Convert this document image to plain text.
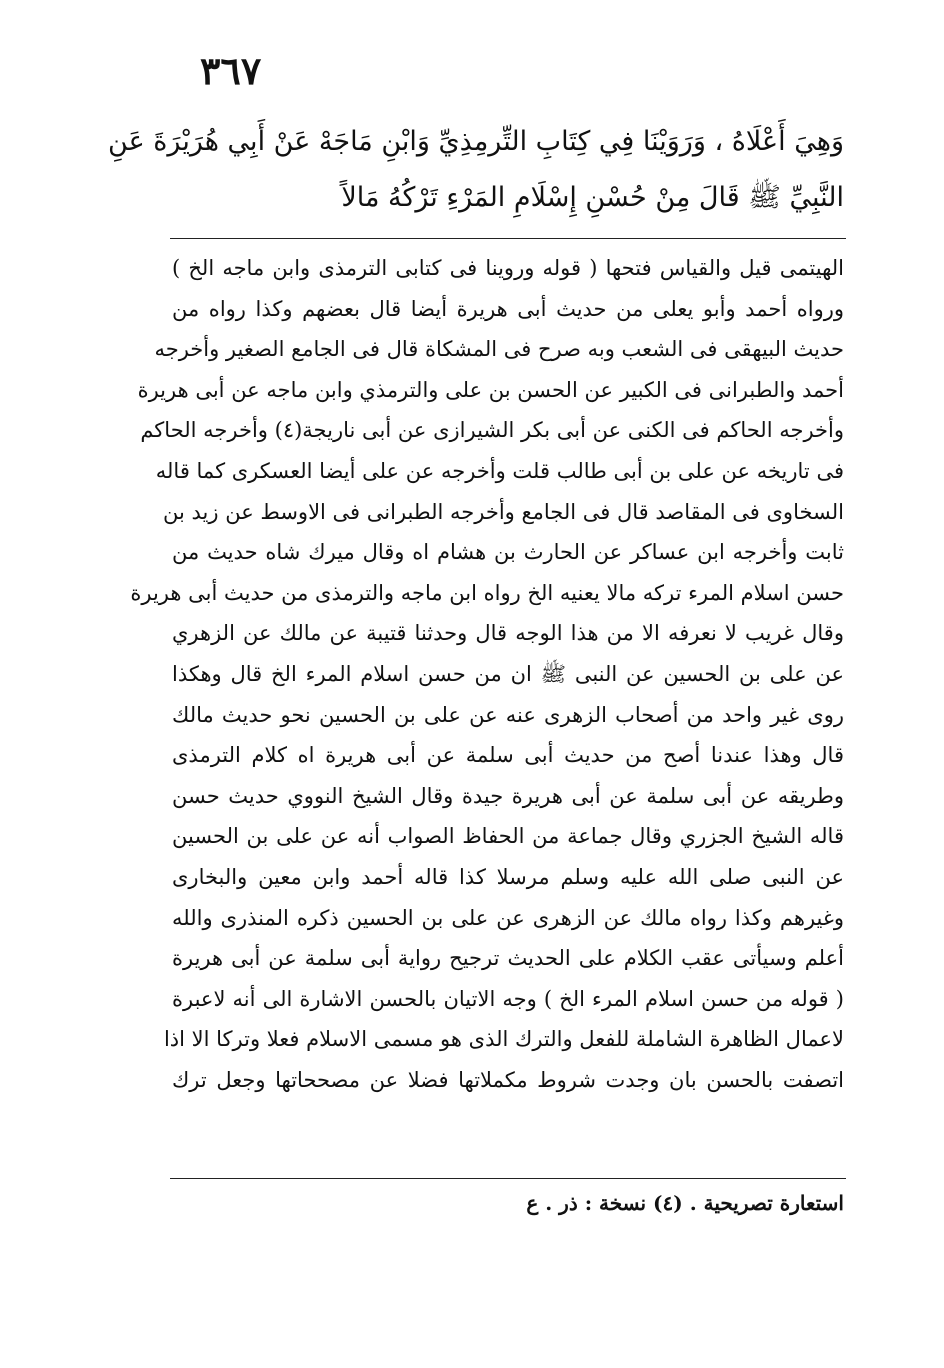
٣٦٧
وَهِيَ أَعْلَاهُ ، وَرَوَيْنَا فِي كِتَابِ التِّرمِذِيِّ وَابْنِ مَاجَهْ عَنْ أَبِي هُرَيْرَةَ عَنِ
النَّبِيِّ ﷺ قَالَ مِنْ حُسْنِ إِسْلَامِ المَرْءِ تَرْكُهُ مَالاً
الهيتمى قيل والقياس فتحها ( قوله وروينا فى كتابى الترمذى وابن ماجه الخ )
ورواه أحمد وأبو يعلى من حديث أبى هريرة أيضا قال بعضهم وكذا رواه من
حديث البيهقى فى الشعب وبه صرح فى المشكاة قال فى الجامع الصغير وأخرجه
أحمد والطبرانى فى الكبير عن الحسن بن على والترمذي وابن ماجه عن أبى هريرة
وأخرجه الحاكم فى الكنى عن أبى بكر الشيرازى عن أبى ناريجة(٤) وأخرجه الحاكم
فى تاريخه عن على بن أبى طالب قلت وأخرجه عن على أيضا العسكرى كما قاله
السخاوى فى المقاصد قال فى الجامع وأخرجه الطبرانى فى الاوسط عن زيد بن
ثابت وأخرجه ابن عساكر عن الحارث بن هشام اه وقال ميرك شاه حديث من
حسن اسلام المرء تركه مالا يعنيه الخ رواه ابن ماجه والترمذى من حديث أبى هريرة
وقال غريب لا نعرفه الا من هذا الوجه قال وحدثنا قتيبة عن مالك عن الزهري
عن على بن الحسين عن النبى ﷺ ان من حسن اسلام المرء الخ قال وهكذا
روى غير واحد من أصحاب الزهرى عنه عن على بن الحسين نحو حديث مالك
قال وهذا عندنا أصح من حديث أبى سلمة عن أبى هريرة اه كلام الترمذى
وطريقه عن أبى سلمة عن أبى هريرة جيدة وقال الشيخ النووي حديث حسن
قاله الشيخ الجزري وقال جماعة من الحفاظ الصواب أنه عن على بن الحسين
عن النبى صلى الله عليه وسلم مرسلا كذا قاله أحمد وابن معين والبخارى
وغيرهم وكذا رواه مالك عن الزهرى عن على بن الحسين ذكره المنذرى والله
أعلم وسيأتى عقب الكلام على الحديث ترجيح رواية أبى سلمة عن أبى هريرة
( قوله من حسن اسلام المرء الخ ) وجه الاتيان بالحسن الاشارة الى أنه لاعبرة
لاعمال الظاهرة الشاملة للفعل والترك الذى هو مسمى الاسلام فعلا وتركا الا اذا
اتصفت بالحسن بان وجدت شروط مكملاتها فضلا عن مصححاتها وجعل ترك
استعارة تصريحية . (٤) نسخة : ذر . ع
